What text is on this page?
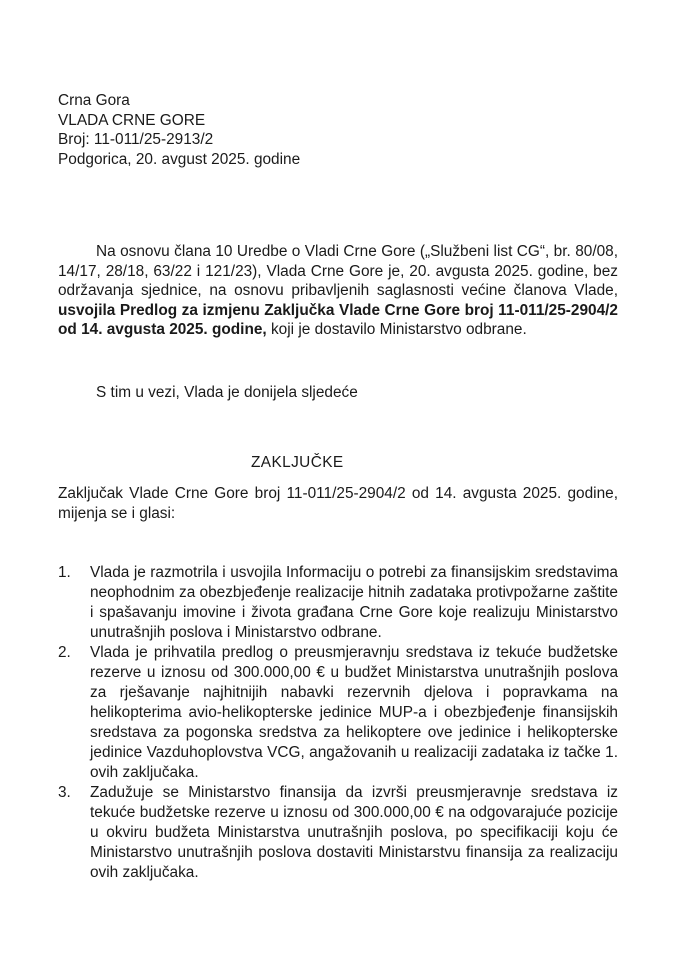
Crna Gora
VLADA CRNE GORE
Broj: 11-011/25-2913/2
Podgorica, 20. avgust 2025. godine

Na osnovu člana 10 Uredbe o Vladi Crne Gore („Službeni list CG“, br. 80/08, 14/17, 28/18, 63/22 i 121/23), Vlada Crne Gore je, 20. avgusta 2025. godine, bez održavanja sjednice, na osnovu pribavljenih saglasnosti većine članova Vlade, usvojila Predlog za izmjenu Zaključka Vlade Crne Gore broj 11-011/25-2904/2 od 14. avgusta 2025. godine, koji je dostavilo Ministarstvo odbrane.

S tim u vezi, Vlada je donijela sljedeće

ZAKLJUČKE

Zaključak Vlade Crne Gore broj 11-011/25-2904/2 od 14. avgusta 2025. godine, mijenja se i glasi:

1. Vlada je razmotrila i usvojila Informaciju o potrebi za finansijskim sredstavima neophodnim za obezbjeđenje realizacije hitnih zadataka protivpožarne zaštite i spašavanju imovine i života građana Crne Gore koje realizuju Ministarstvo unutrašnjih poslova i Ministarstvo odbrane.
2. Vlada je prihvatila predlog o preusmjeravnju sredstava iz tekuće budžetske rezerve u iznosu od 300.000,00 € u budžet Ministarstva unutrašnjih poslova za rješavanje najhitnijih nabavki rezervnih djelova i popravkama na helikopterima avio-helikopterske jedinice MUP-a i obezbjeđenje finansijskih sredstava za pogonska sredstva za helikoptere ove jedinice i helikopterske jedinice Vazduhoplovstva VCG, angažovanih u realizaciji zadataka iz tačke 1. ovih zaključaka.
3. Zadužuje se Ministarstvo finansija da izvrši preusmjeravnje sredstava iz tekuće budžetske rezerve u iznosu od 300.000,00 € na odgovarajuće pozicije u okviru budžeta Ministarstva unutrašnjih poslova, po specifikaciji koju će Ministarstvo unutrašnjih poslova dostaviti Ministarstvu finansija za realizaciju ovih zaključaka.
